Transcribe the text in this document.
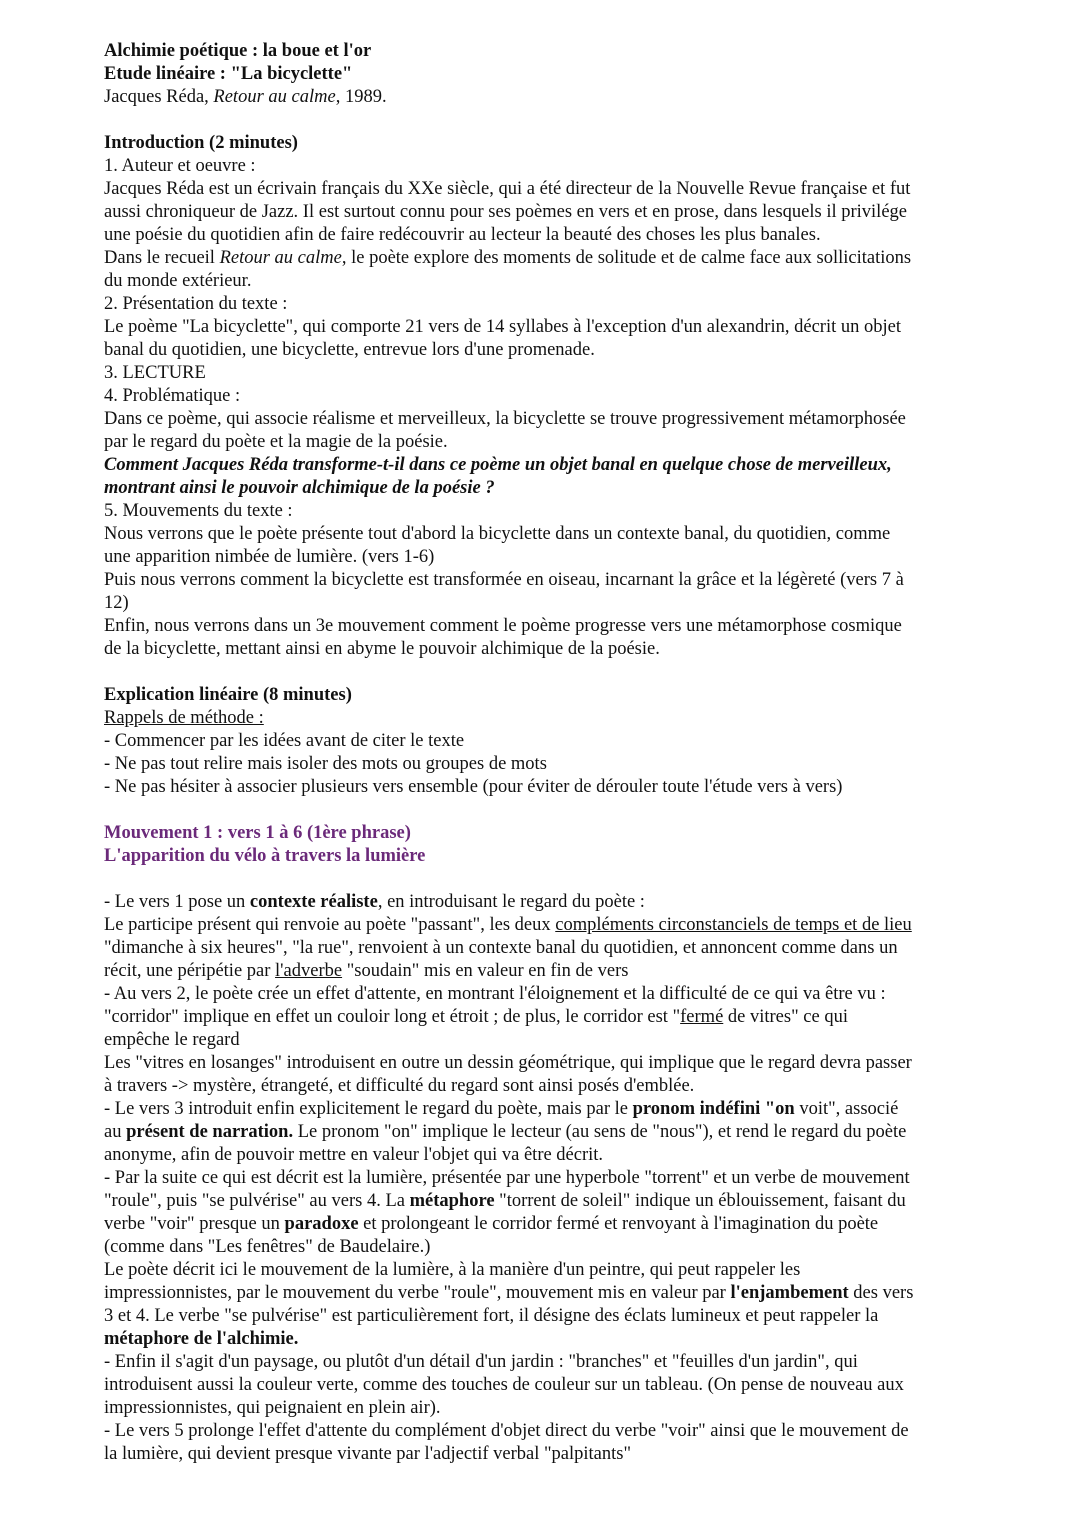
Alchimie poétique : la boue et l'or
Etude linéaire : "La bicyclette"
Jacques Réda, Retour au calme, 1989.
Introduction (2 minutes)
1. Auteur et oeuvre :
Jacques Réda est un écrivain français du XXe siècle, qui a été directeur de la Nouvelle Revue française et fut
aussi chroniqueur de Jazz. Il est surtout connu pour ses poèmes en vers et en prose, dans lesquels il privilége
une poésie du quotidien afin de faire redécouvrir au lecteur la beauté des choses les plus banales.
Dans le recueil Retour au calme, le poète explore des moments de solitude et de calme face aux sollicitations
du monde extérieur.
2. Présentation du texte :
Le poème "La bicyclette", qui comporte 21 vers de 14 syllabes à l'exception d'un alexandrin, décrit un objet
banal du quotidien, une bicyclette, entrevue lors d'une promenade.
3. LECTURE
4. Problématique :
Dans ce poème, qui associe réalisme et merveilleux, la bicyclette se trouve progressivement métamorphosée
par le regard du poète et la magie de la poésie.
Comment Jacques Réda transforme-t-il dans ce poème un objet banal en quelque chose de merveilleux,
montrant ainsi le pouvoir alchimique de la poésie ?
5. Mouvements du texte :
Nous verrons que le poète présente tout d'abord la bicyclette dans un contexte banal, du quotidien, comme
une apparition nimbée de lumière. (vers 1-6)
Puis nous verrons comment la bicyclette est transformée en oiseau, incarnant la grâce et la légèreté (vers 7 à
12)
Enfin, nous verrons dans un 3e mouvement comment le poème progresse vers une métamorphose cosmique
de la bicyclette, mettant ainsi en abyme le pouvoir alchimique de la poésie.
Explication linéaire (8 minutes)
Rappels de méthode :
- Commencer par les idées avant de citer le texte
- Ne pas tout relire mais isoler des mots ou groupes de mots
- Ne pas hésiter à associer plusieurs vers ensemble (pour éviter de dérouler toute l'étude vers à vers)
Mouvement 1 : vers 1 à 6 (1ère phrase)
L'apparition du vélo à travers la lumière
- Le vers 1 pose un contexte réaliste, en introduisant le regard du poète :
Le participe présent qui renvoie au poète "passant", les deux compléments circonstanciels de temps et de lieu
"dimanche à six heures", "la rue", renvoient à un contexte banal du quotidien, et annoncent comme dans un
récit, une péripétie par l'adverbe "soudain" mis en valeur en fin de vers
- Au vers 2, le poète crée un effet d'attente, en montrant l'éloignement et la difficulté de ce qui va être vu :
"corridor" implique en effet un couloir long et étroit ; de plus, le corridor est "fermé de vitres" ce qui
empêche le regard
Les "vitres en losanges" introduisent en outre un dessin géométrique, qui implique que le regard devra passer
à travers -> mystère, étrangeté, et difficulté du regard sont ainsi posés d'emblée.
- Le vers 3 introduit enfin explicitement le regard du poète, mais par le pronom indéfini "on voit", associé
au présent de narration. Le pronom "on" implique le lecteur (au sens de "nous"), et rend le regard du poète
anonyme, afin de pouvoir mettre en valeur l'objet qui va être décrit.
- Par la suite ce qui est décrit est la lumière, présentée par une hyperbole "torrent" et un verbe de mouvement
"roule", puis "se pulvérise" au vers 4. La métaphore "torrent de soleil" indique un éblouissement, faisant du
verbe "voir" presque un paradoxe et prolongeant le corridor fermé et renvoyant à l'imagination du poète
(comme dans "Les fenêtres" de Baudelaire.)
Le poète décrit ici le mouvement de la lumière, à la manière d'un peintre, qui peut rappeler les
impressionnistes, par le mouvement du verbe "roule", mouvement mis en valeur par l'enjambement des vers
3 et 4. Le verbe "se pulvérise" est particulièrement fort, il désigne des éclats lumineux et peut rappeler la
métaphore de l'alchimie.
- Enfin il s'agit d'un paysage, ou plutôt d'un détail d'un jardin : "branches" et "feuilles d'un jardin", qui
introduisent aussi la couleur verte, comme des touches de couleur sur un tableau. (On pense de nouveau aux
impressionnistes, qui peignaient en plein air).
- Le vers 5 prolonge l'effet d'attente du complément d'objet direct du verbe "voir" ainsi que le mouvement de
la lumière, qui devient presque vivante par l'adjectif verbal "palpitants"
